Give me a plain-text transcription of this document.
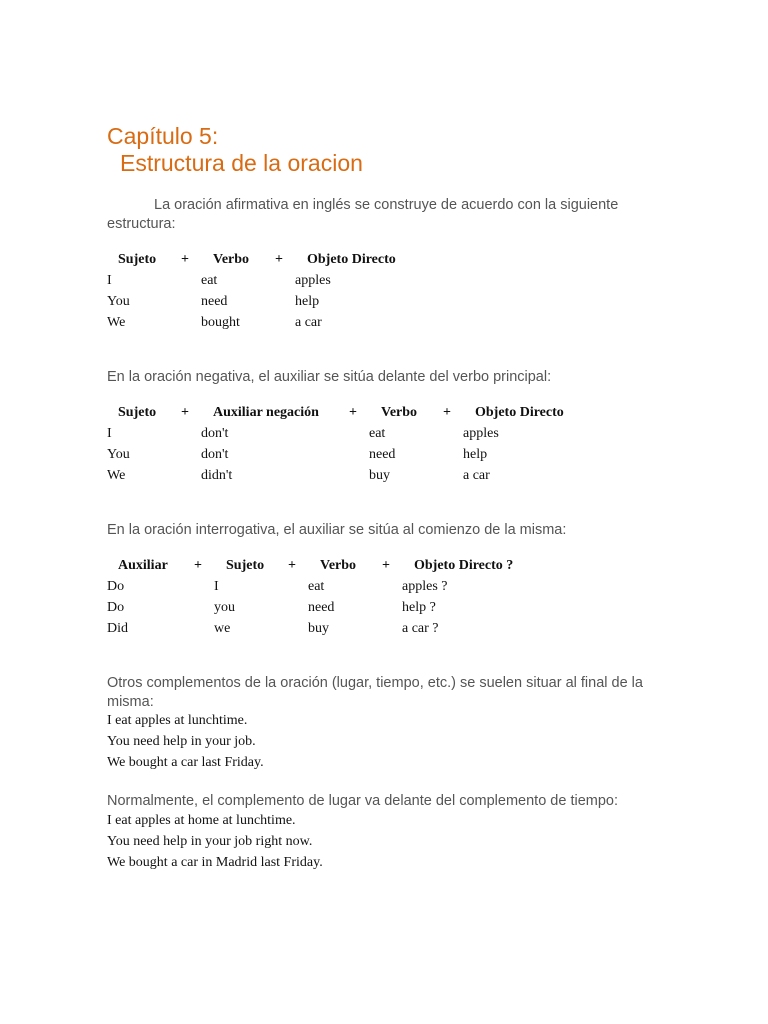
Capítulo 5:
Estructura de la oracion
La oración afirmativa en inglés se construye de acuerdo con la siguiente estructura:
Sujeto + Verbo + Objeto Directo
I	eat	apples
You	need	help
We	bought	a car
En la oración negativa, el auxiliar se sitúa delante del verbo principal:
Sujeto + Auxiliar negación + Verbo + Objeto Directo
I	don't	eat	apples
You	don't	need	help
We	didn't	buy	a car
En la oración interrogativa, el auxiliar se sitúa al comienzo de la misma:
Auxiliar + Sujeto + Verbo + Objeto Directo ?
Do	I	eat	apples ?
Do	you	need	help ?
Did	we	buy	a car ?
Otros complementos de la oración (lugar, tiempo, etc.) se suelen situar al final de la misma:
I eat apples at lunchtime.
You need help in your job.
We bought a car last Friday.
Normalmente, el complemento de lugar va delante del complemento de tiempo:
I eat apples at home at lunchtime.
You need help in your job right now.
We bought a car in Madrid last Friday.
